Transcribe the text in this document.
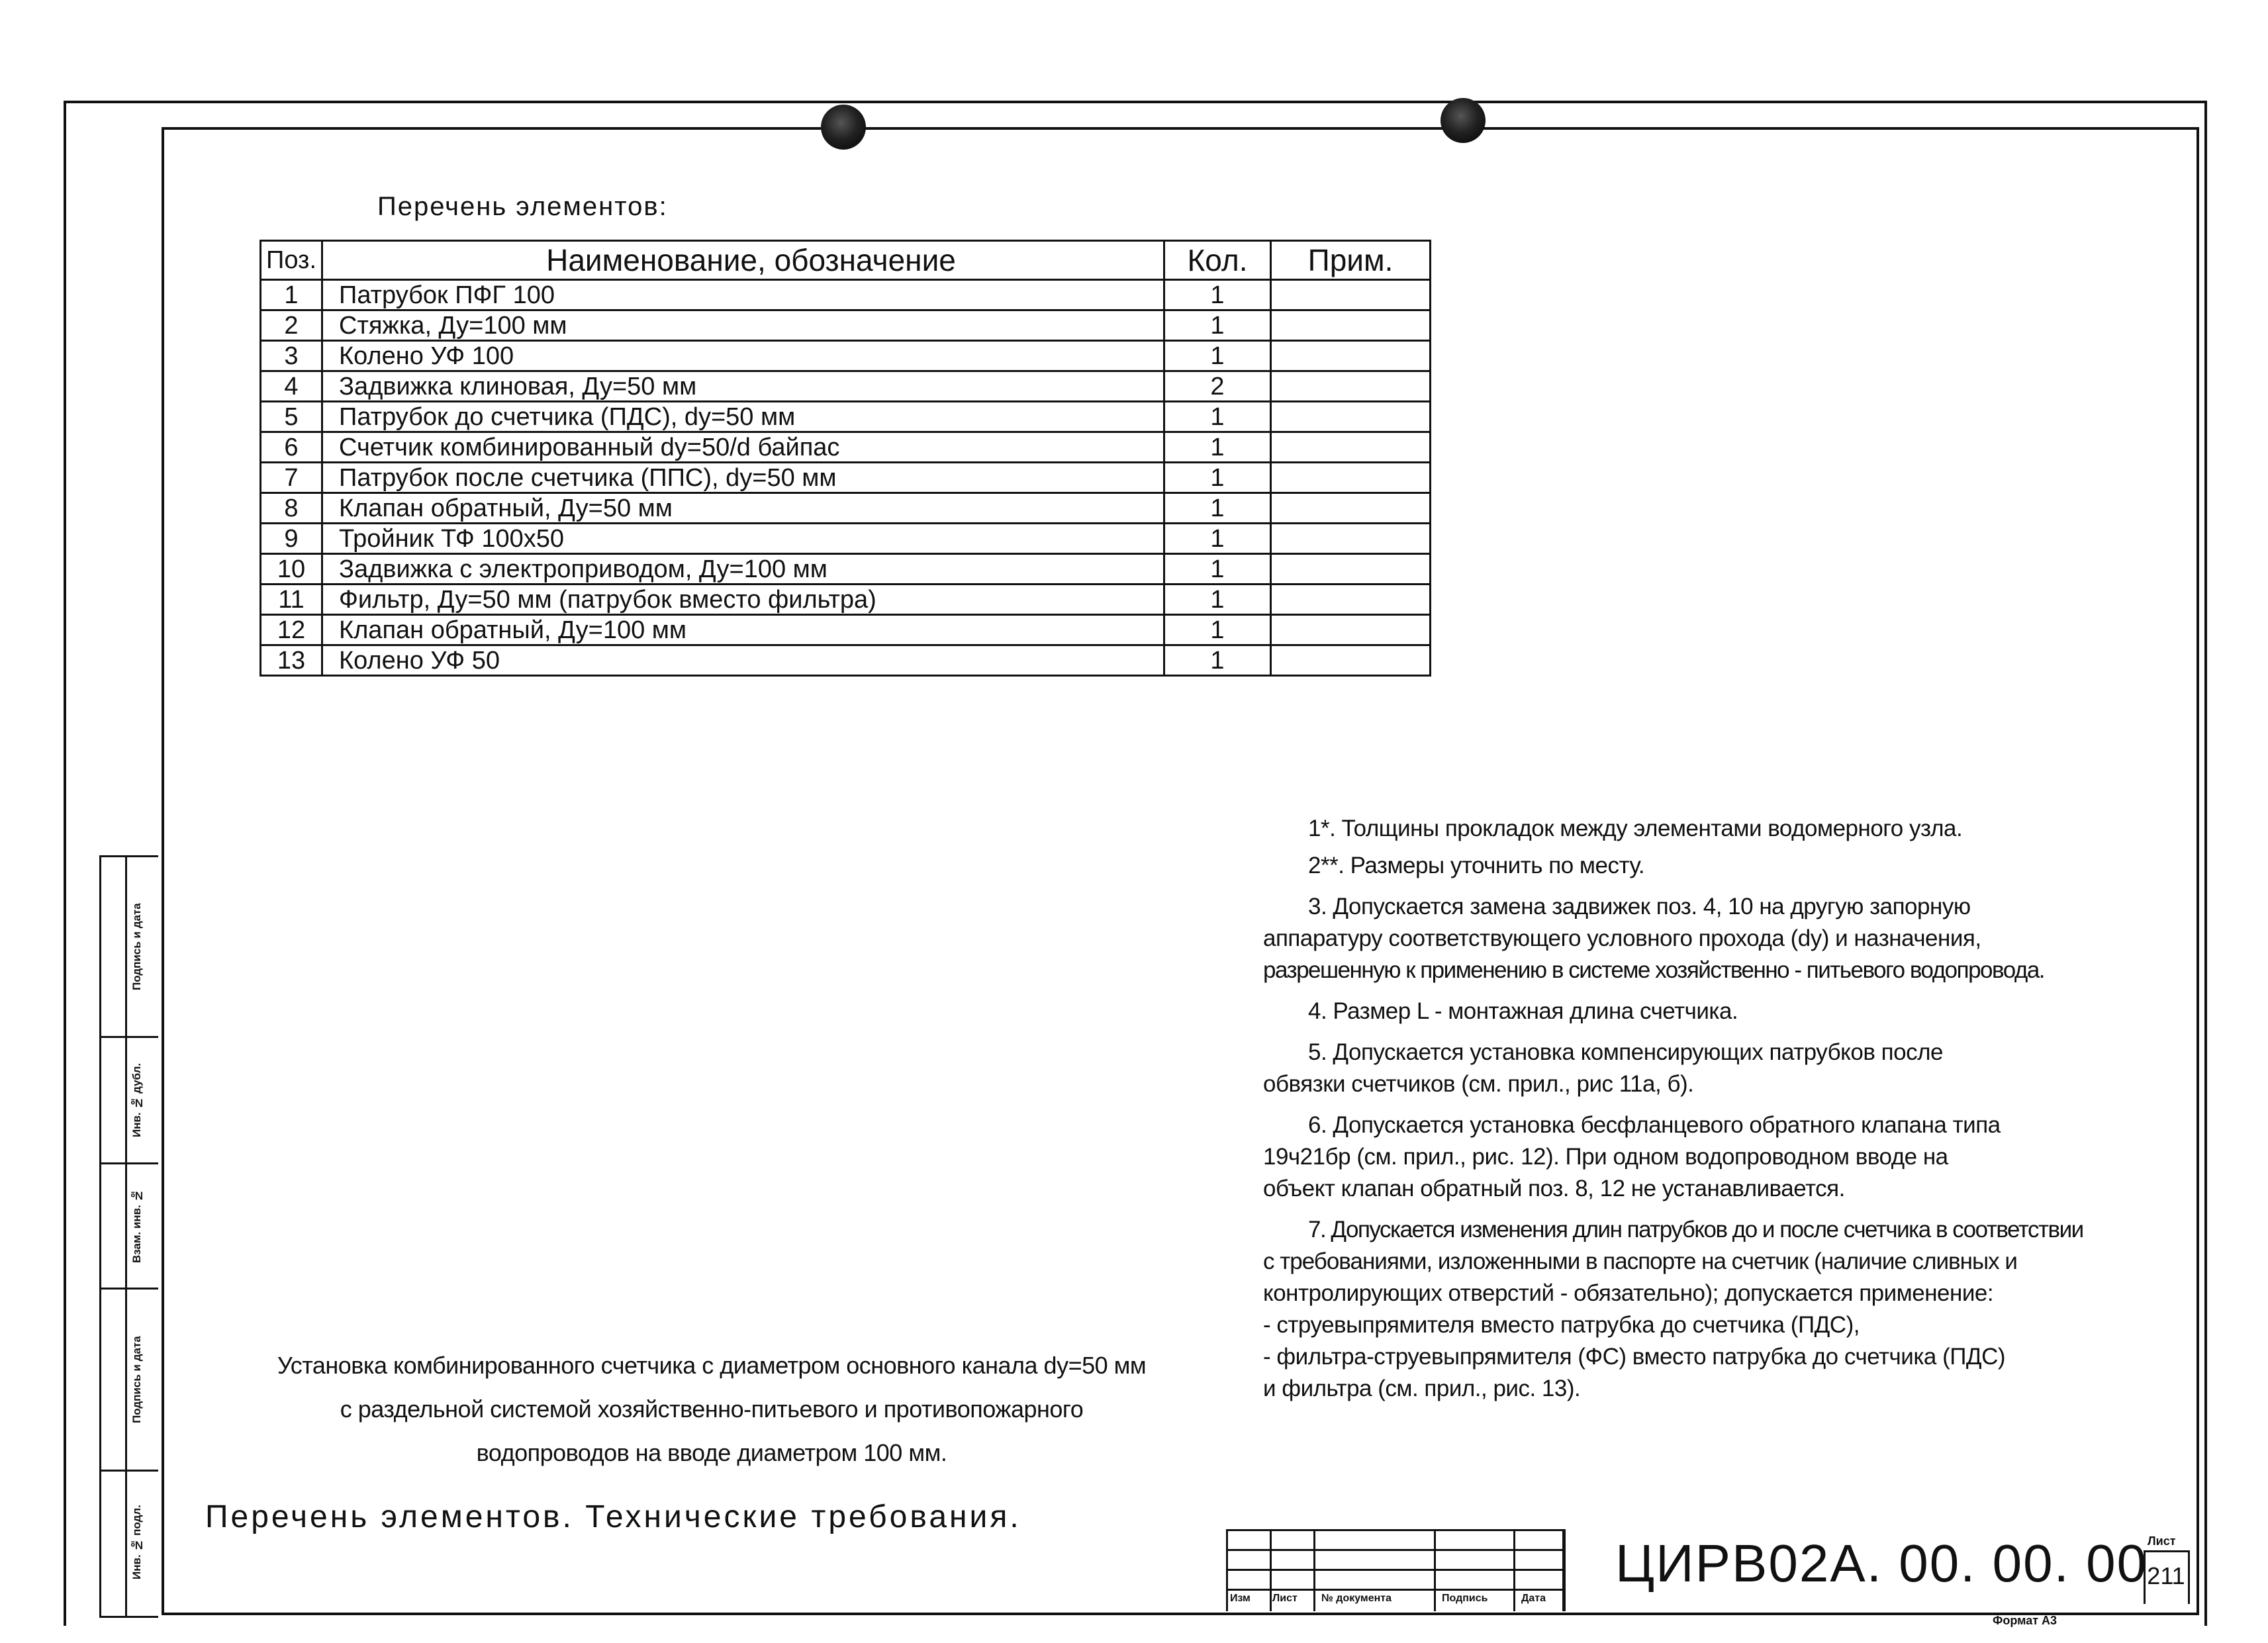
Перечень элементов:
Поз.	Наименование, обозначение	Кол.	Прим.
1	Патрубок ПФГ 100	1	
2	Стяжка, Ду=100 мм	1	
3	Колено УФ 100	1	
4	Задвижка клиновая, Ду=50 мм	2	
5	Патрубок до счетчика (ПДС), dy=50 мм	1	
6	Счетчик комбинированный dy=50/d байпас	1	
7	Патрубок после счетчика (ППС), dy=50 мм	1	
8	Клапан обратный, Ду=50 мм	1	
9	Тройник ТФ 100х50	1	
10	Задвижка с электроприводом, Ду=100 мм	1	
11	Фильтр, Ду=50 мм (патрубок вместо фильтра)	1	
12	Клапан обратный, Ду=100 мм	1	
13	Колено УФ 50	1	

1*. Толщины прокладок между элементами водомерного узла.

2**. Размеры уточнить по месту.

3. Допускается замена задвижек поз. 4, 10 на другую запорную
аппаратуру соответствующего условного прохода (dy) и назначения,
разрешенную к применению в системе хозяйственно - питьевого водопровода.

4. Размер L - монтажная длина счетчика.

5. Допускается установка компенсирующих патрубков после
обвязки счетчиков (см. прил., рис 11а, б).

6. Допускается установка бесфланцевого обратного клапана типа
19ч21бр (см. прил., рис. 12). При одном водопроводном вводе на
объект клапан обратный поз. 8, 12 не устанавливается.

7. Допускается изменения длин патрубков до и после счетчика в соответствии
с требованиями, изложенными в паспорте на счетчик (наличие сливных и
контролирующих отверстий - обязательно); допускается применение:
- струевыпрямителя вместо патрубка до счетчика (ПДС),
- фильтра-струевыпрямителя (ФС) вместо патрубка до счетчика (ПДС)
и фильтра (см. прил., рис. 13).

Установка комбинированного счетчика с диаметром основного канала dy=50 мм
с раздельной системой хозяйственно-питьевого и противопожарного
водопроводов на вводе диаметром 100 мм.
Перечень элементов. Технические требования.
Подпись и дата
Инв. № дубл.
Взам. инв. №
Подпись и дата
Инв. № подл.
Изм Лист № документа	Подпись	Дата
ЦИРВ02А. 00. 00. 00 Лист
211
Формат А3
